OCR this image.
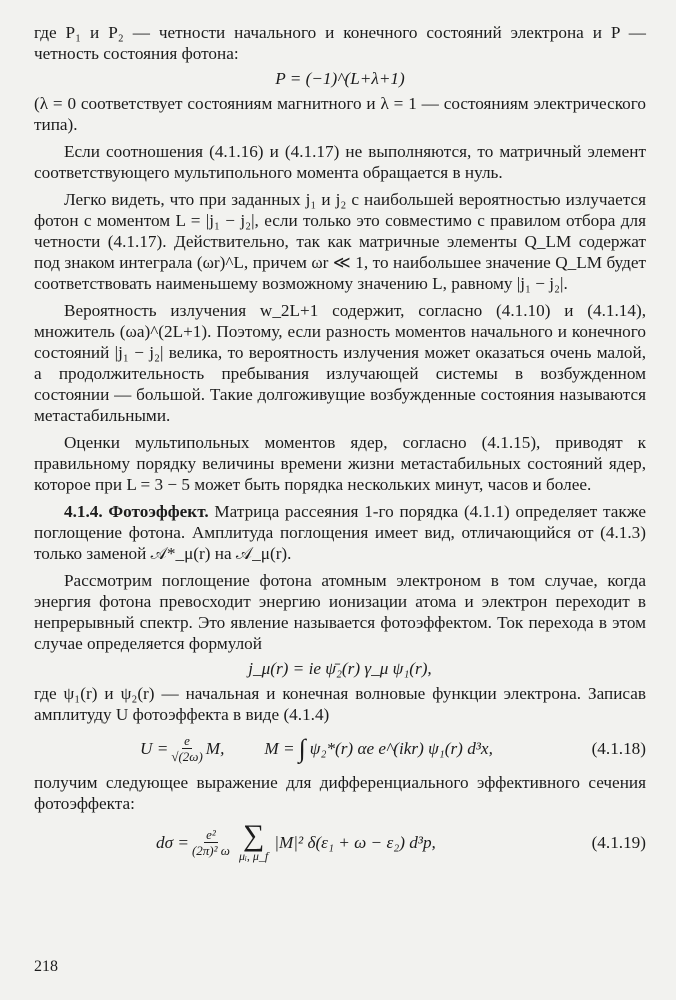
где P₁ и P₂ — четности начального и конечного состояний электрона и P — четность состояния фотона:

P = (−1)^(L+λ+1)

(λ = 0 соответствует состояниям магнитного и λ = 1 — состояниям электрического типа).

Если соотношения (4.1.16) и (4.1.17) не выполняются, то матричный элемент соответствующего мультипольного момента обращается в нуль.

Легко видеть, что при заданных j₁ и j₂ с наибольшей вероятностью излучается фотон с моментом L = |j₁ − j₂|, если только это совместимо с правилом отбора для четности (4.1.17). Действительно, так как матричные элементы Q_LM содержат под знаком интеграла (ωr)^L, причем ωr ≪ 1, то наибольшее значение Q_LM будет соответствовать наименьшему возможному значению L, равному |j₁ − j₂|.

Вероятность излучения w_2L+1 содержит, согласно (4.1.10) и (4.1.14), множитель (ωa)^(2L+1). Поэтому, если разность моментов начального и конечного состояний |j₁ − j₂| велика, то вероятность излучения может оказаться очень малой, а продолжительность пребывания излучающей системы в возбужденном состоянии — большой. Такие долгоживущие возбужденные состояния называются метастабильными.

Оценки мультипольных моментов ядер, согласно (4.1.15), приводят к правильному порядку величины времени жизни метастабильных состояний ядер, которое при L = 3 − 5 может быть порядка нескольких минут, часов и более.

4.1.4. Фотоэффект. Матрица рассеяния 1-го порядка (4.1.1) определяет также поглощение фотона. Амплитуда поглощения имеет вид, отличающийся от (4.1.3) только заменой 𝒜*_μ(r) на 𝒜_μ(r).

Рассмотрим поглощение фотона атомным электроном в том случае, когда энергия фотона превосходит энергию ионизации атома и электрон переходит в непрерывный спектр. Это явление называется фотоэффектом. Ток перехода в этом случае определяется формулой

j_μ(r) = ie ψ̄₂(r) γ_μ ψ₁(r),

где ψ₁(r) и ψ₂(r) — начальная и конечная волновые функции электрона. Записав амплитуду U фотоэффекта в виде (4.1.4)

$U = \frac{e}{√(2\omega)} M$, M = ∫ ψ₂*(r) αe e^(ikr) ψ₁(r) d³x,	(4.1.18)

получим следующее выражение для дифференциального эффективного сечения фотоэффекта:

$d\sigma = \frac{\text{e²}}{\text{(2π)² ω}}$ ∑
μᵢ, μ_f
|M|² δ(ε₁ + ω − ε₂) d³p,	(4.1.19)
218
